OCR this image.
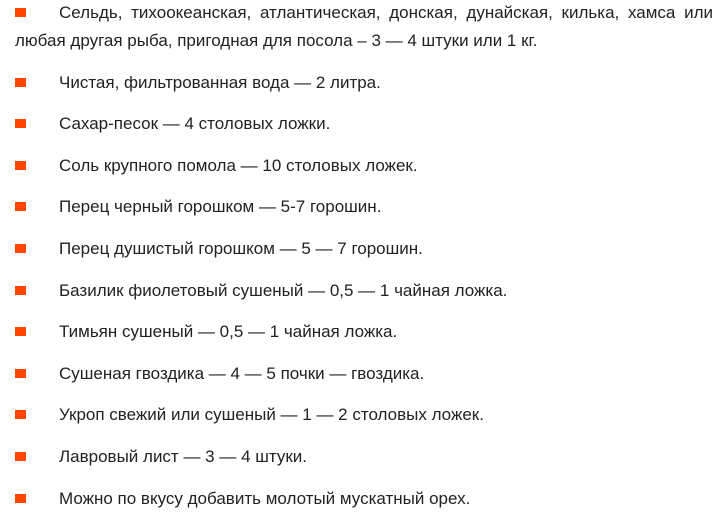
Сельдь, тихоокеанская, атлантическая, донская, дунайская, килька, хамса или любая другая рыба, пригодная для посола – 3 — 4 штуки или 1 кг.
Чистая, фильтрованная вода — 2 литра.
Сахар-песок — 4 столовых ложки.
Соль крупного помола — 10 столовых ложек.
Перец черный горошком — 5-7 горошин.
Перец душистый горошком — 5 — 7 горошин.
Базилик фиолетовый сушеный — 0,5 — 1 чайная ложка.
Тимьян сушеный — 0,5 — 1 чайная ложка.
Сушеная гвоздика — 4 — 5 почки — гвоздика.
Укроп свежий или сушеный — 1 — 2 столовых ложек.
Лавровый лист — 3 — 4 штуки.
Можно по вкусу добавить молотый мускатный орех.
